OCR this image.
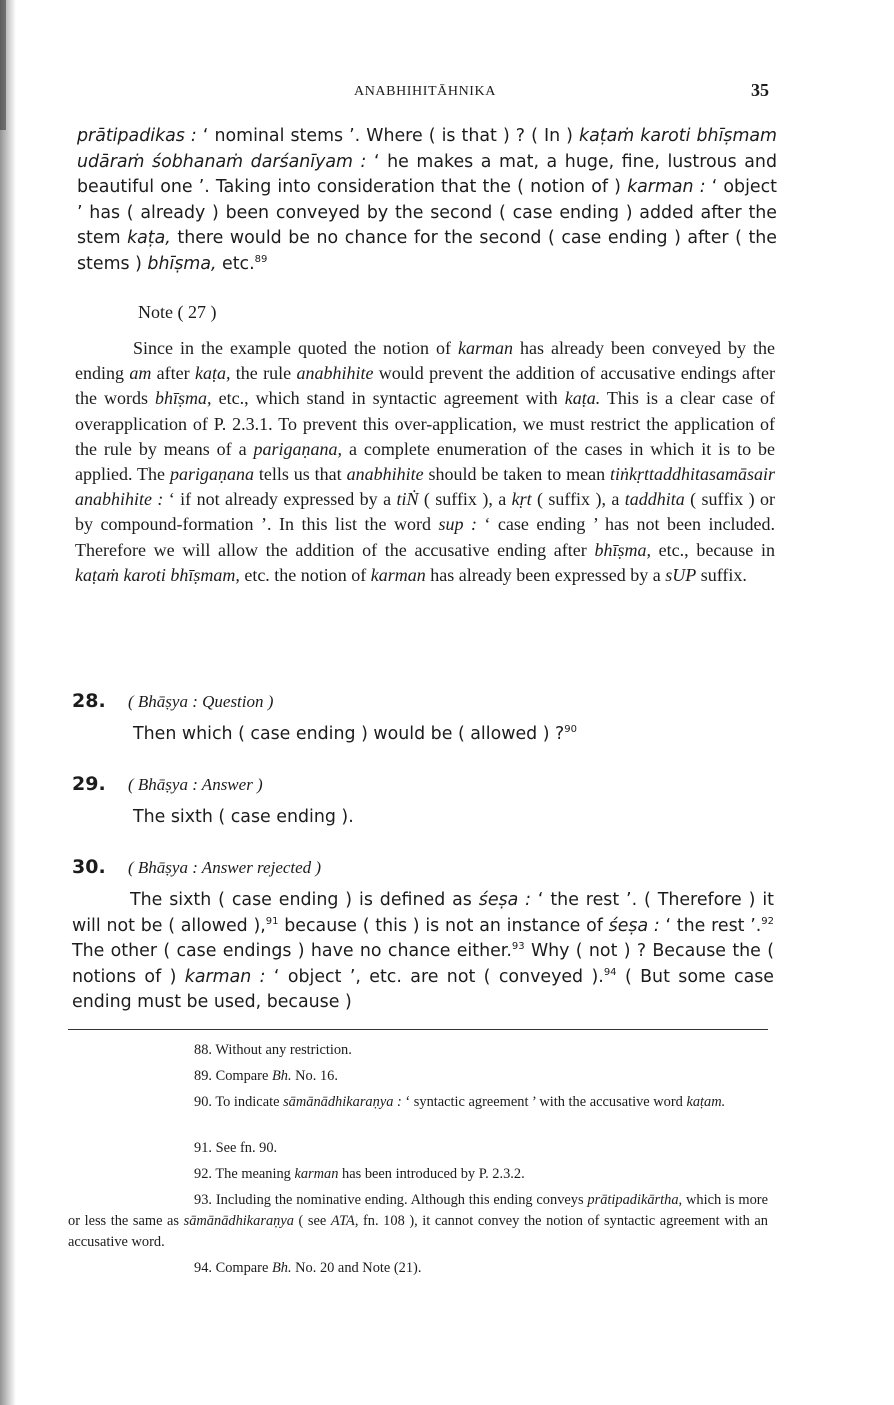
ANABHIHITĀHNIKA	35

prātipadikas : ‘ nominal stems ’. Where ( is that ) ? ( In ) kaṭaṁ karoti bhīṣmam udāraṁ śobhanaṁ darśanīyam : ‘ he makes a mat, a huge, fine, lustrous and beautiful one ’. Taking into consideration that the ( notion of ) karman : ‘ object ’ has ( already ) been conveyed by the second ( case ending ) added after the stem kaṭa, there would be no chance for the second ( case ending ) after ( the stems ) bhīṣma, etc.$^{89}$

Note ( 27 )

Since in the example quoted the notion of karman has already been conveyed by the ending am after kaṭa, the rule anabhihite would prevent the addition of accusative endings after the words bhīṣma, etc., which stand in syntactic agreement with kaṭa. This is a clear case of overapplication of P. 2.3.1. To prevent this over-application, we must restrict the application of the rule by means of a parigaṇana, a complete enumeration of the cases in which it is to be applied. The parigaṇana tells us that anabhihite should be taken to mean tiṅkṛttaddhitasamāsair anabhihite : ‘ if not already expressed by a tiṄ ( suffix ), a kṛt ( suffix ), a taddhita ( suffix ) or by compound-formation ’. In this list the word sup : ‘ case ending ’ has not been included. Therefore we will allow the addition of the accusative ending after bhīṣma, etc., because in kaṭaṁ karoti bhīṣmam, etc. the notion of karman has already been expressed by a sUP suffix.

28. ( Bhāṣya : Question )

Then which ( case ending ) would be ( allowed ) ?$^{90}$

29. ( Bhāṣya : Answer )

The sixth ( case ending ).

30. ( Bhāṣya : Answer rejected )

The sixth ( case ending ) is defined as śeṣa : ‘ the rest ’. ( Therefore ) it will not be ( allowed ),$^{91}$ because ( this ) is not an instance of śeṣa : ‘ the rest ’.$^{92}$ The other ( case endings ) have no chance either.$^{93}$ Why ( not ) ? Because the ( notions of ) karman : ‘ object ’, etc. are not ( conveyed ).$^{94}$ ( But some case ending must be used, because )

88. Without any restriction.

89. Compare Bh. No. 16.

90. To indicate sāmānādhikaraṇya : ‘ syntactic agreement ’ with the accusative word kaṭam.

91. See fn. 90.

92. The meaning karman has been introduced by P. 2.3.2.

93. Including the nominative ending. Although this ending conveys prātipadikārtha, which is more or less the same as sāmānādhikaraṇya ( see ATA, fn. 108 ), it cannot convey the notion of syntactic agreement with an accusative word.

94. Compare Bh. No. 20 and Note (21).
